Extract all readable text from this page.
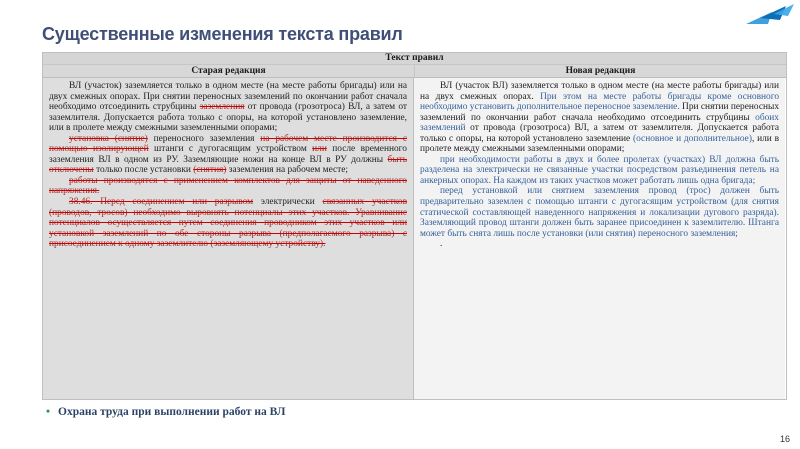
Существенные изменения текста правил
Текст правил
Старая редакция	Новая редакция

ВЛ (участок) заземляется только в одном месте (на месте работы бригады) или на двух смежных опорах. При снятии переносных заземлений по окончании работ сначала необходимо отсоединить струбцины заземления от провода (грозотроса) ВЛ, а затем от заземлителя. Допускается работа только с опоры, на которой установлено заземление, или в пролете между смежными заземленными опорами;

установка (снятие) переносного заземления на рабочем месте производится с помощью изолирующей штанги с дугогасящим устройством или после временного заземления ВЛ в одном из РУ. Заземляющие ножи на конце ВЛ в РУ должны быть отключены только после установки (снятия) заземления на рабочем месте;

работы производятся с применением комплектов для защиты от наведенного напряжения.

38.46. Перед соединением или разрывом электрически связанных участков (проводов, тросов) необходимо выровнять потенциалы этих участков. Уравнивание потенциалов осуществляется путем соединения проводником этих участков или установкой заземлений по обе стороны разрыва (предполагаемого разрыва) с присоединением к одному заземлителю (заземляющему устройству).

ВЛ (участок ВЛ) заземляется только в одном месте (на месте работы бригады) или на двух смежных опорах. При этом на месте работы бригады кроме основного необходимо установить дополнительное переносное заземление. При снятии переносных заземлений по окончании работ сначала необходимо отсоединить струбцины обоих заземлений от провода (грозотроса) ВЛ, а затем от заземлителя. Допускается работа только с опоры, на которой установлено заземление (основное и дополнительное), или в пролете между смежными заземленными опорами;

при необходимости работы в двух и более пролетах (участках) ВЛ должна быть разделена на электрически не связанные участки посредством разъединения петель на анкерных опорах. На каждом из таких участков может работать лишь одна бригада;

перед установкой или снятием заземления провод (трос) должен быть предварительно заземлен с помощью штанги с дугогасящим устройством (для снятия статической составляющей наведенного напряжения и локализации дугового разряда). Заземляющий провод штанги должен быть заранее присоединен к заземлителю. Штанга может быть снята лишь после установки (или снятия) переносного заземления;

.

• Охрана труда при выполнении работ на ВЛ
16
